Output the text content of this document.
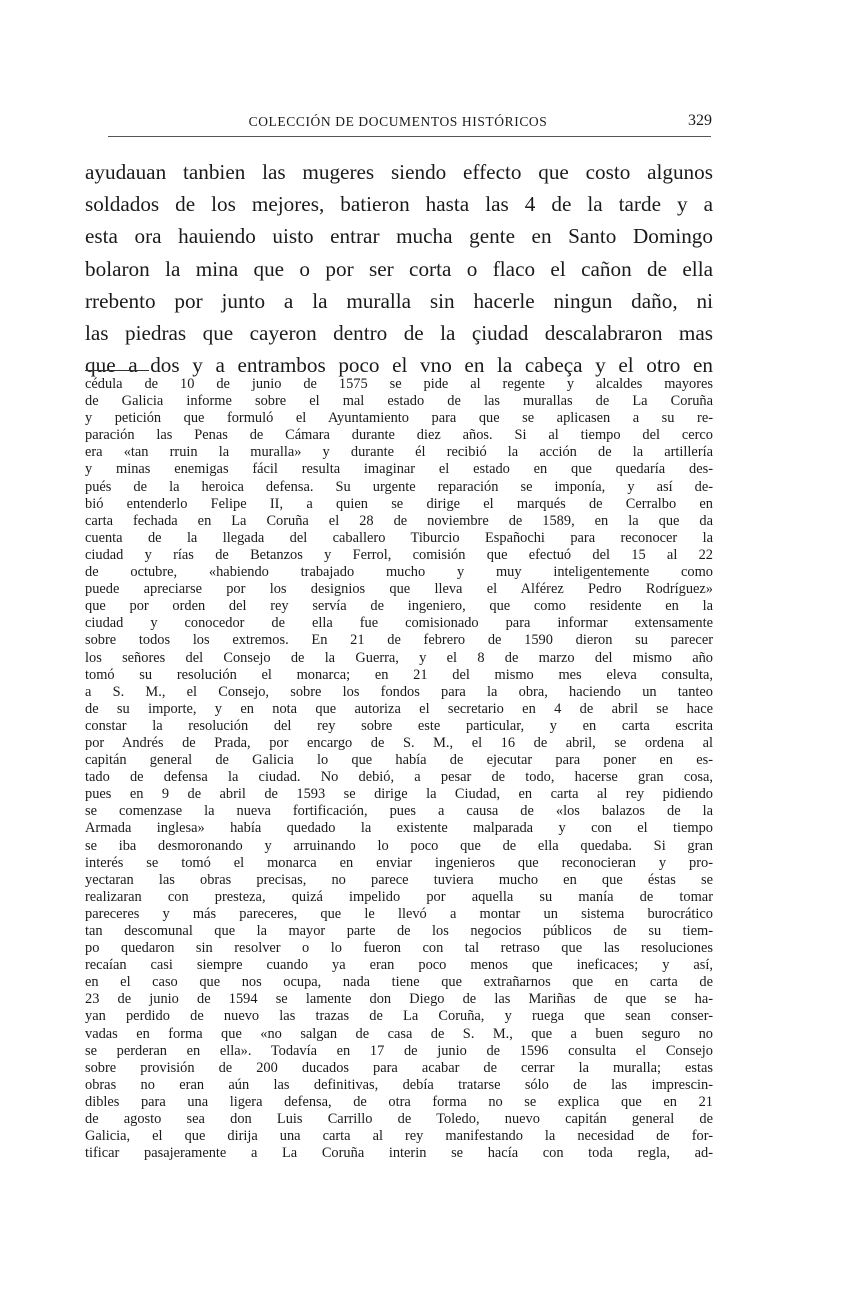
COLECCIÓN DE DOCUMENTOS HISTÓRICOS	329
ayudauan tanbien las mugeres siendo effecto que costo algunos
soldados de los mejores, batieron hasta las 4 de la tarde y a
esta ora hauiendo uisto entrar mucha gente en Santo Domingo
bolaron la mina que o por ser corta o flaco el cañon de ella
rrebento por junto a la muralla sin hacerle ningun daño, ni
las piedras que cayeron dentro de la çiudad descalabraron mas
que a dos y a entrambos poco el vno en la cabeça y el otro en
cédula de 10 de junio de 1575 se pide al regente y alcaldes mayores
de Galicia informe sobre el mal estado de las murallas de La Coruña
y petición que formuló el Ayuntamiento para que se aplicasen a su re-
paración las Penas de Cámara durante diez años. Si al tiempo del cerco
era «tan rruin la muralla» y durante él recibió la acción de la artillería
y minas enemigas fácil resulta imaginar el estado en que quedaría des-
pués de la heroica defensa. Su urgente reparación se imponía, y así de-
bió entenderlo Felipe II, a quien se dirige el marqués de Cerralbo en
carta fechada en La Coruña el 28 de noviembre de 1589, en la que da
cuenta de la llegada del caballero Tiburcio Españochi para reconocer la
ciudad y rías de Betanzos y Ferrol, comisión que efectuó del 15 al 22
de octubre, «habiendo trabajado mucho y muy inteligentemente como
puede apreciarse por los designios que lleva el Alférez Pedro Rodríguez»
que por orden del rey servía de ingeniero, que como residente en la
ciudad y conocedor de ella fue comisionado para informar extensamente
sobre todos los extremos. En 21 de febrero de 1590 dieron su parecer
los señores del Consejo de la Guerra, y el 8 de marzo del mismo año
tomó su resolución el monarca; en 21 del mismo mes eleva consulta,
a S. M., el Consejo, sobre los fondos para la obra, haciendo un tanteo
de su importe, y en nota que autoriza el secretario en 4 de abril se hace
constar la resolución del rey sobre este particular, y en carta escrita
por Andrés de Prada, por encargo de S. M., el 16 de abril, se ordena al
capitán general de Galicia lo que había de ejecutar para poner en es-
tado de defensa la ciudad. No debió, a pesar de todo, hacerse gran cosa,
pues en 9 de abril de 1593 se dirige la Ciudad, en carta al rey pidiendo
se comenzase la nueva fortificación, pues a causa de «los balazos de la
Armada inglesa» había quedado la existente malparada y con el tiempo
se iba desmoronando y arruinando lo poco que de ella quedaba. Si gran
interés se tomó el monarca en enviar ingenieros que reconocieran y pro-
yectaran las obras precisas, no parece tuviera mucho en que éstas se
realizaran con presteza, quizá impelido por aquella su manía de tomar
pareceres y más pareceres, que le llevó a montar un sistema burocrático
tan descomunal que la mayor parte de los negocios públicos de su tiem-
po quedaron sin resolver o lo fueron con tal retraso que las resoluciones
recaían casi siempre cuando ya eran poco menos que ineficaces; y así,
en el caso que nos ocupa, nada tiene que extrañarnos que en carta de
23 de junio de 1594 se lamente don Diego de las Mariñas de que se ha-
yan perdido de nuevo las trazas de La Coruña, y ruega que sean conser-
vadas en forma que «no salgan de casa de S. M., que a buen seguro no
se perderan en ella». Todavía en 17 de junio de 1596 consulta el Consejo
sobre provisión de 200 ducados para acabar de cerrar la muralla; estas
obras no eran aún las definitivas, debía tratarse sólo de las imprescin-
dibles para una ligera defensa, de otra forma no se explica que en 21
de agosto sea don Luis Carrillo de Toledo, nuevo capitán general de
Galicia, el que dirija una carta al rey manifestando la necesidad de for-
tificar pasajeramente a La Coruña interin se hacía con toda regla, ad-
